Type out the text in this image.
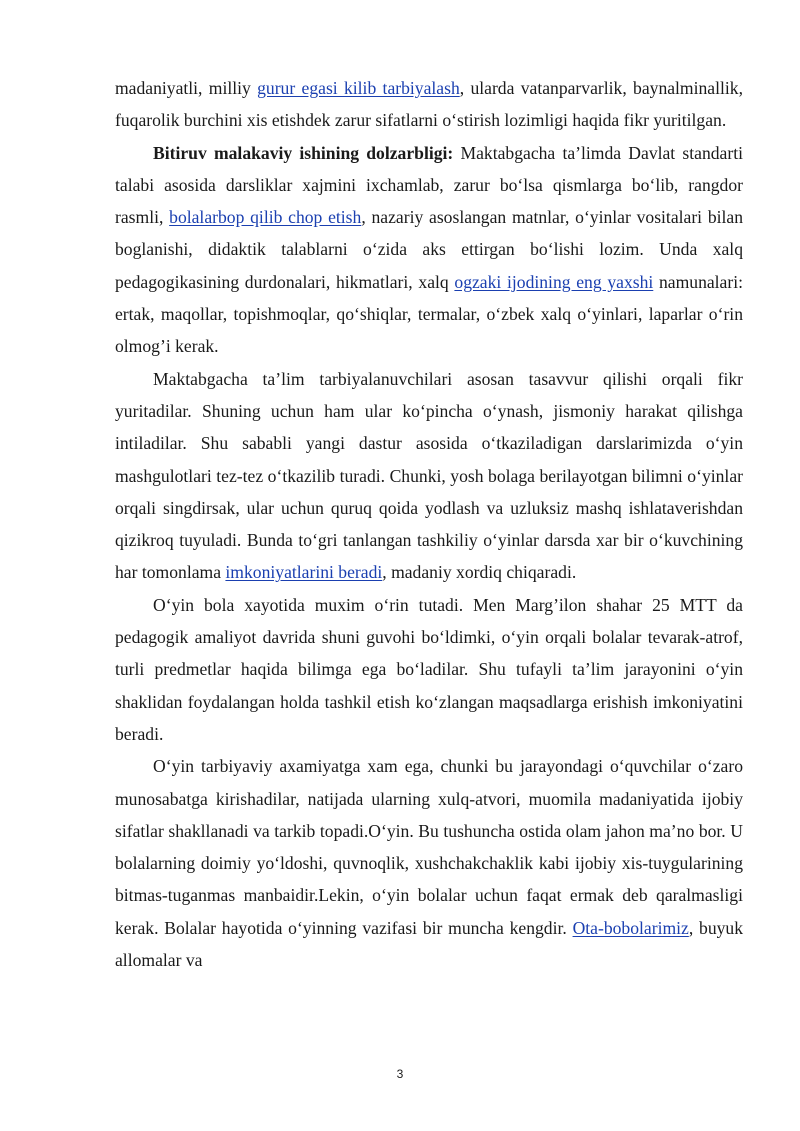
madaniyatli, milliy gurur egasi kilib tarbiyalash, ularda vatanparvarlik, baynalminallik, fuqarolik burchini xis etishdek zarur sifatlarni o‘stirish lozimligi haqida fikr yuritilgan.

Bitiruv malakaviy ishining dolzarbligi: Maktabgacha ta’limda Davlat standarti talabi asosida darsliklar xajmini ixchamlab, zarur bo‘lsa qismlarga bo‘lib, rangdor rasmli, bolalarbop qilib chop etish, nazariy asoslangan matnlar, o‘yinlar vositalari bilan boglanishi, didaktik talablarni o‘zida aks ettirgan bo‘lishi lozim. Unda xalq pedagogikasining durdonalari, hikmatlari, xalq ogzaki ijodining eng yaxshi namunalari: ertak, maqollar, topishmoqlar, qo‘shiqlar, termalar, o‘zbek xalq o‘yinlari, laparlar o‘rin olmog’i kerak.

Maktabgacha ta’lim tarbiyalanuvchilari asosan tasavvur qilishi orqali fikr yuritadilar. Shuning uchun ham ular ko‘pincha o‘ynash, jismoniy harakat qilishga intiladilar. Shu sababli yangi dastur asosida o‘tkaziladigan darslarimizda o‘yin mashgulotlari tez-tez o‘tkazilib turadi. Chunki, yosh bolaga berilayotgan bilimni o‘yinlar orqali singdirsak, ular uchun quruq qoida yodlash va uzluksiz mashq ishlataverishdan qizikroq tuyuladi. Bunda to‘gri tanlangan tashkiliy o‘yinlar darsda xar bir o‘kuvchining har tomonlama imkoniyatlarini beradi, madaniy xordiq chiqaradi.

O‘yin bola xayotida muxim o‘rin tutadi. Men Marg’ilon shahar 25 MTT da pedagogik amaliyot davrida shuni guvohi bo‘ldimki, o‘yin orqali bolalar tevarak-atrof, turli predmetlar haqida bilimga ega bo‘ladilar. Shu tufayli ta’lim jarayonini o‘yin shaklidan foydalangan holda tashkil etish ko‘zlangan maqsadlarga erishish imkoniyatini beradi.

O‘yin tarbiyaviy axamiyatga xam ega, chunki bu jarayondagi o‘quvchilar o‘zaro munosabatga kirishadilar, natijada ularning xulq-atvori, muomila madaniyatida ijobiy sifatlar shakllanadi va tarkib topadi.O‘yin. Bu tushuncha ostida olam jahon ma’no bor. U bolalarning doimiy yo‘ldoshi, quvnoqlik, xushchakchaklik kabi ijobiy xis-tuygularining bitmas-tuganmas manbaidir.Lekin, o‘yin bolalar uchun faqat ermak deb qaralmasligi kerak. Bolalar hayotida o‘yinning vazifasi bir muncha kengdir. Ota-bobolarimiz, buyuk allomalar va

3
